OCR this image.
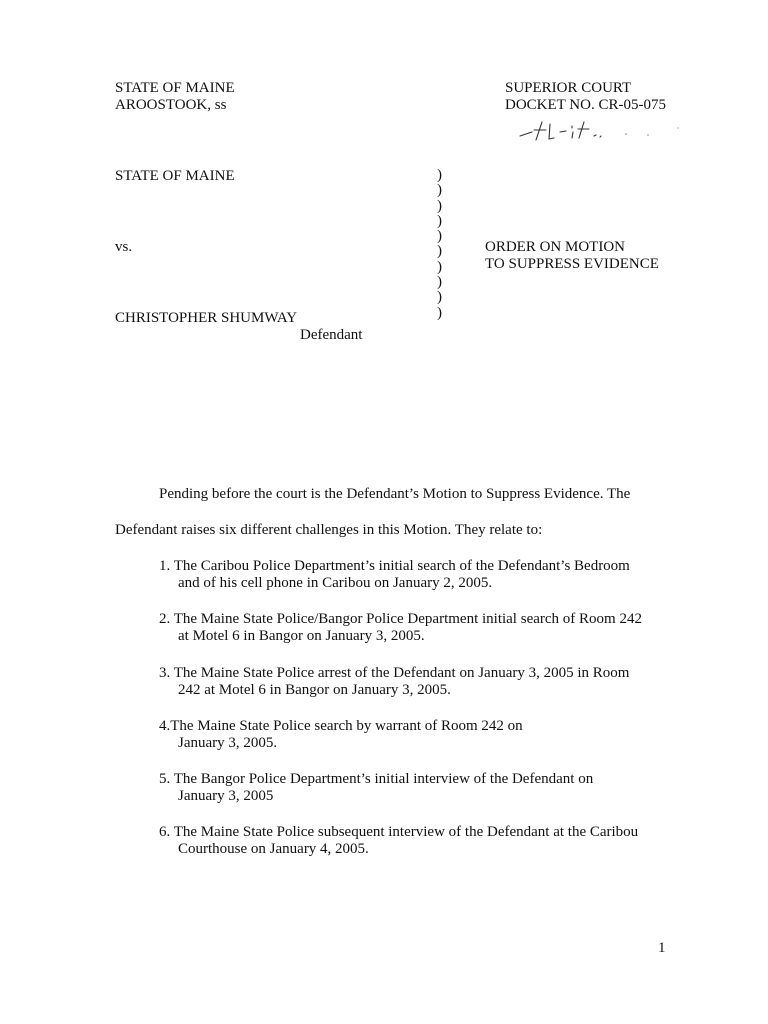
STATE OF MAINE
AROOSTOOK, ss
SUPERIOR COURT
DOCKET NO. CR-05-075
STATE OF MAINE
vs.
CHRISTOPHER SHUMWAY
Defendant
)
)
)
)
)
)
)
)
)
)
ORDER ON MOTION
TO SUPPRESS EVIDENCE
Pending before the court is the Defendant’s Motion to Suppress Evidence. The
Defendant raises six different challenges in this Motion. They relate to:
1. The Caribou Police Department’s initial search of the Defendant’s Bedroom
and of his cell phone in Caribou on January 2, 2005.
2. The Maine State Police/Bangor Police Department initial search of Room 242
at Motel 6 in Bangor on January 3, 2005.
3. The Maine State Police arrest of the Defendant on January 3, 2005 in Room
242 at Motel 6 in Bangor on January 3, 2005.
4.The Maine State Police search by warrant of Room 242 on
January 3, 2005.
5. The Bangor Police Department’s initial interview of the Defendant on
January 3, 2005
6. The Maine State Police subsequent interview of the Defendant at the Caribou
Courthouse on January 4, 2005.
1
